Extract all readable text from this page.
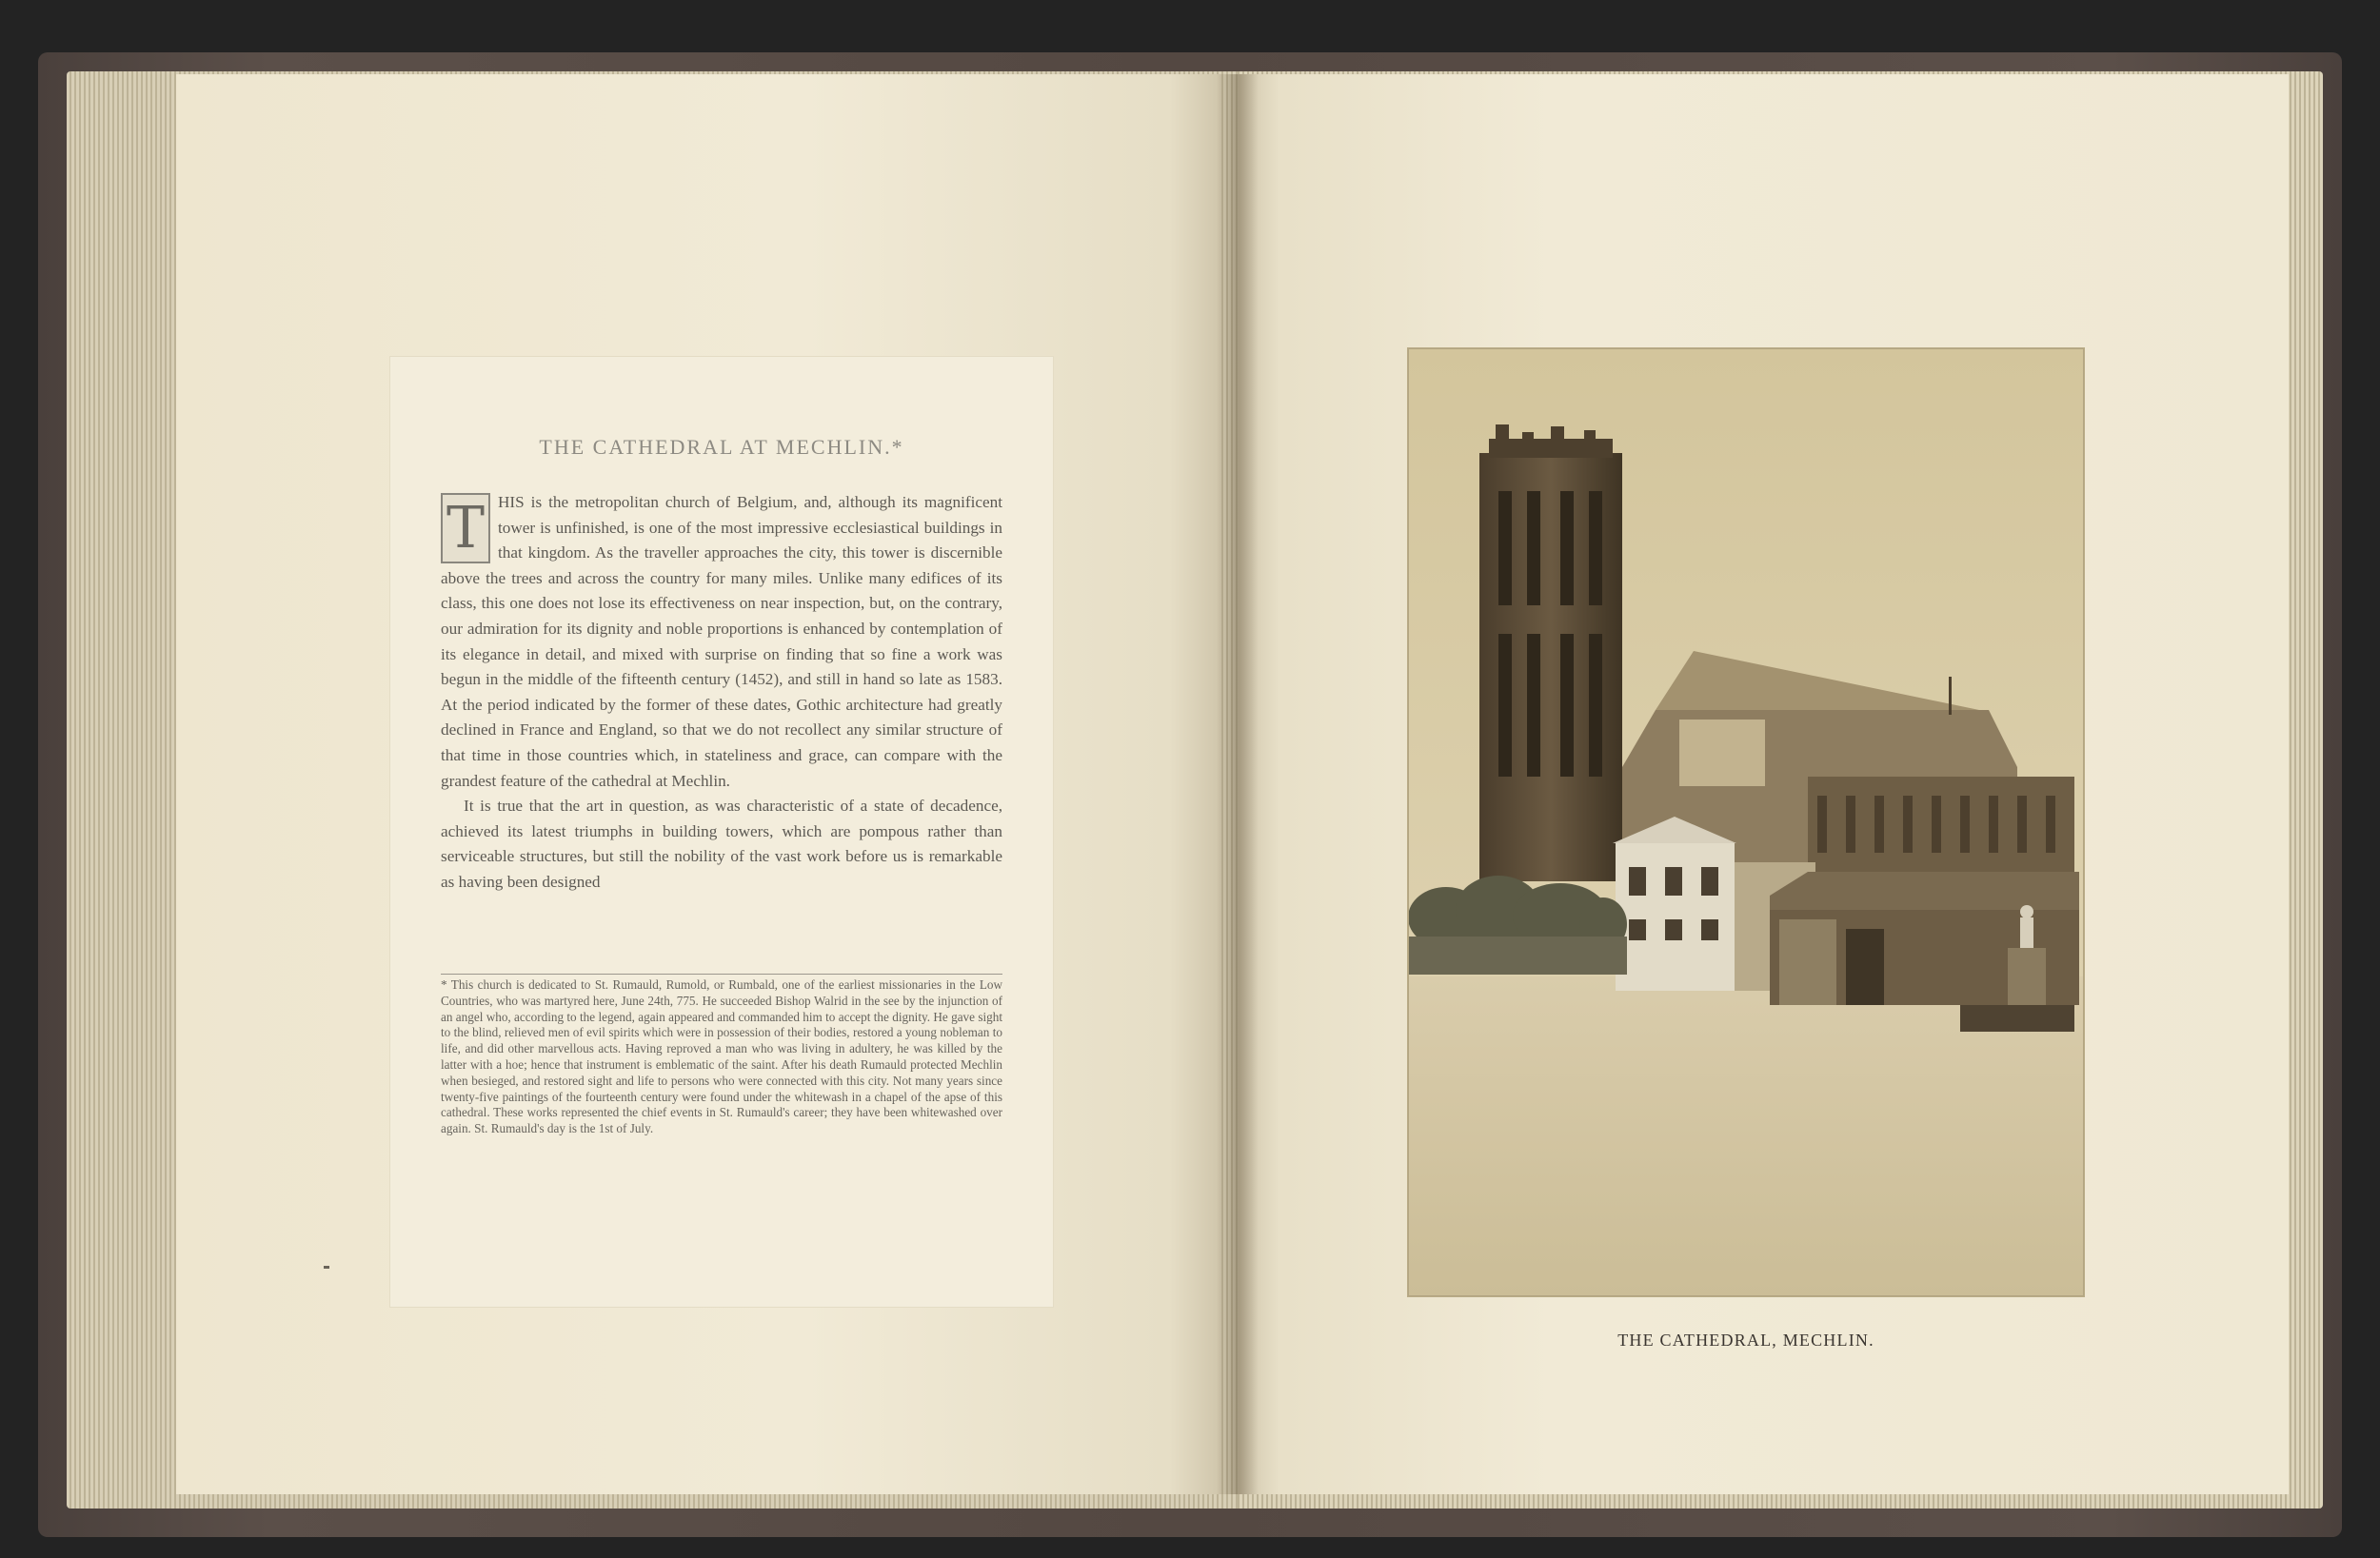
THE CATHEDRAL AT MECHLIN.*

T HIS is the metropolitan church of Belgium, and, although its magnificent tower is unfinished, is one of the most impressive ecclesiastical buildings in that kingdom. As the traveller approaches the city, this tower is discernible above the trees and across the country for many miles. Unlike many edifices of its class, this one does not lose its effectiveness on near inspection, but, on the contrary, our admiration for its dignity and noble proportions is enhanced by contemplation of its elegance in detail, and mixed with surprise on finding that so fine a work was begun in the middle of the fifteenth century (1452), and still in hand so late as 1583. At the period indicated by the former of these dates, Gothic architecture had greatly declined in France and England, so that we do not recollect any similar structure of that time in those countries which, in stateliness and grace, can compare with the grandest feature of the cathedral at Mechlin.

It is true that the art in question, as was characteristic of a state of decadence, achieved its latest triumphs in building towers, which are pompous rather than serviceable structures, but still the nobility of the vast work before us is remarkable as having been designed

* This church is dedicated to St. Rumauld, Rumold, or Rumbald, one of the earliest missionaries in the Low Countries, who was martyred here, June 24th, 775. He succeeded Bishop Walrid in the see by the injunction of an angel who, according to the legend, again appeared and commanded him to accept the dignity. He gave sight to the blind, relieved men of evil spirits which were in possession of their bodies, restored a young nobleman to life, and did other marvellous acts. Having reproved a man who was living in adultery, he was killed by the latter with a hoe; hence that instrument is emblematic of the saint. After his death Rumauld protected Mechlin when besieged, and restored sight and life to persons who were connected with this city. Not many years since twenty-five paintings of the fourteenth century were found under the whitewash in a chapel of the apse of this cathedral. These works represented the chief events in St. Rumauld's career; they have been whitewashed over again. St. Rumauld's day is the 1st of July.
THE CATHEDRAL, MECHLIN.
